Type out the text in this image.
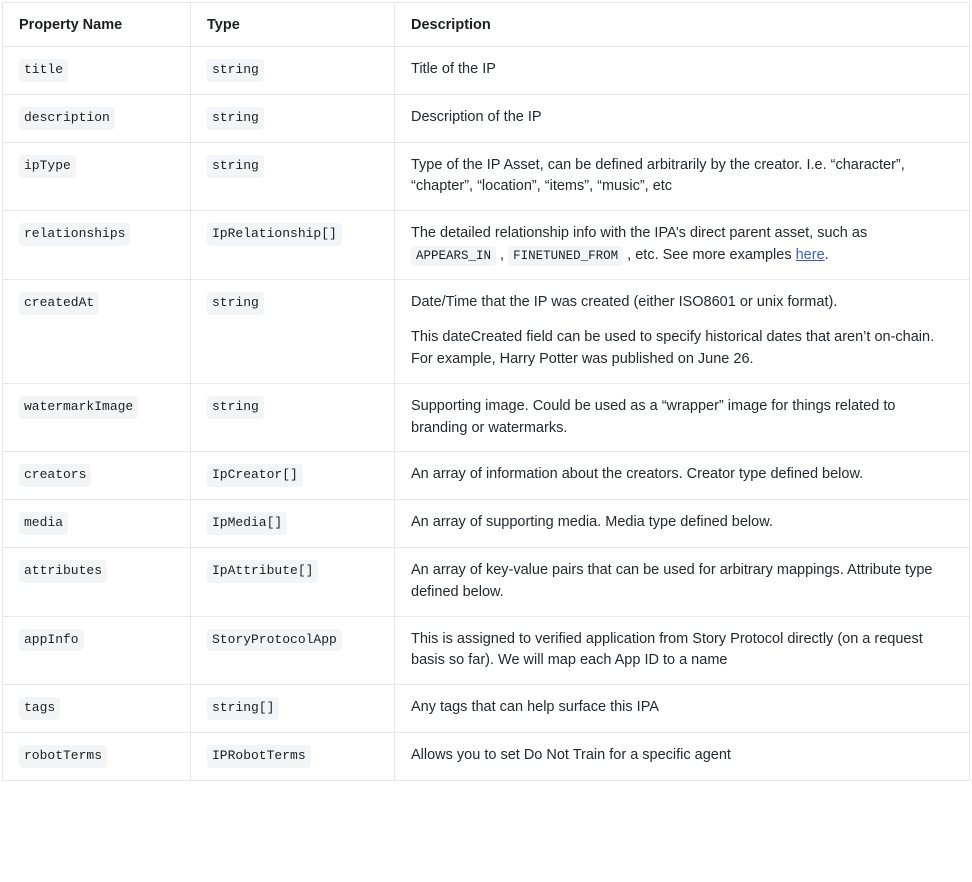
Property Name	Type	Description
title	string	Title of the IP

description	string	Description of the IP

ipType	string	Type of the IP Asset, can be defined arbitrarily by the creator. I.e. “character”, “chapter”, “location”, “items”, “music”, etc

relationships	IpRelationship[]	The detailed relationship info with the IPA’s direct parent asset, such as APPEARS_IN , FINETUNED_FROM , etc. See more examples here.

createdAt	string	Date/Time that the IP was created (either ISO8601 or unix format).

This dateCreated field can be used to specify historical dates that aren’t on-chain. For example, Harry Potter was published on June 26.

watermarkImage	string	Supporting image. Could be used as a “wrapper” image for things related to branding or watermarks.

creators	IpCreator[]	An array of information about the creators. Creator type defined below.

media	IpMedia[]	An array of supporting media. Media type defined below.

attributes	IpAttribute[]	An array of key-value pairs that can be used for arbitrary mappings. Attribute type defined below.

appInfo	StoryProtocolApp	This is assigned to verified application from Story Protocol directly (on a request basis so far). We will map each App ID to a name

tags	string[]	Any tags that can help surface this IPA

robotTerms	IPRobotTerms	Allows you to set Do Not Train for a specific agent
